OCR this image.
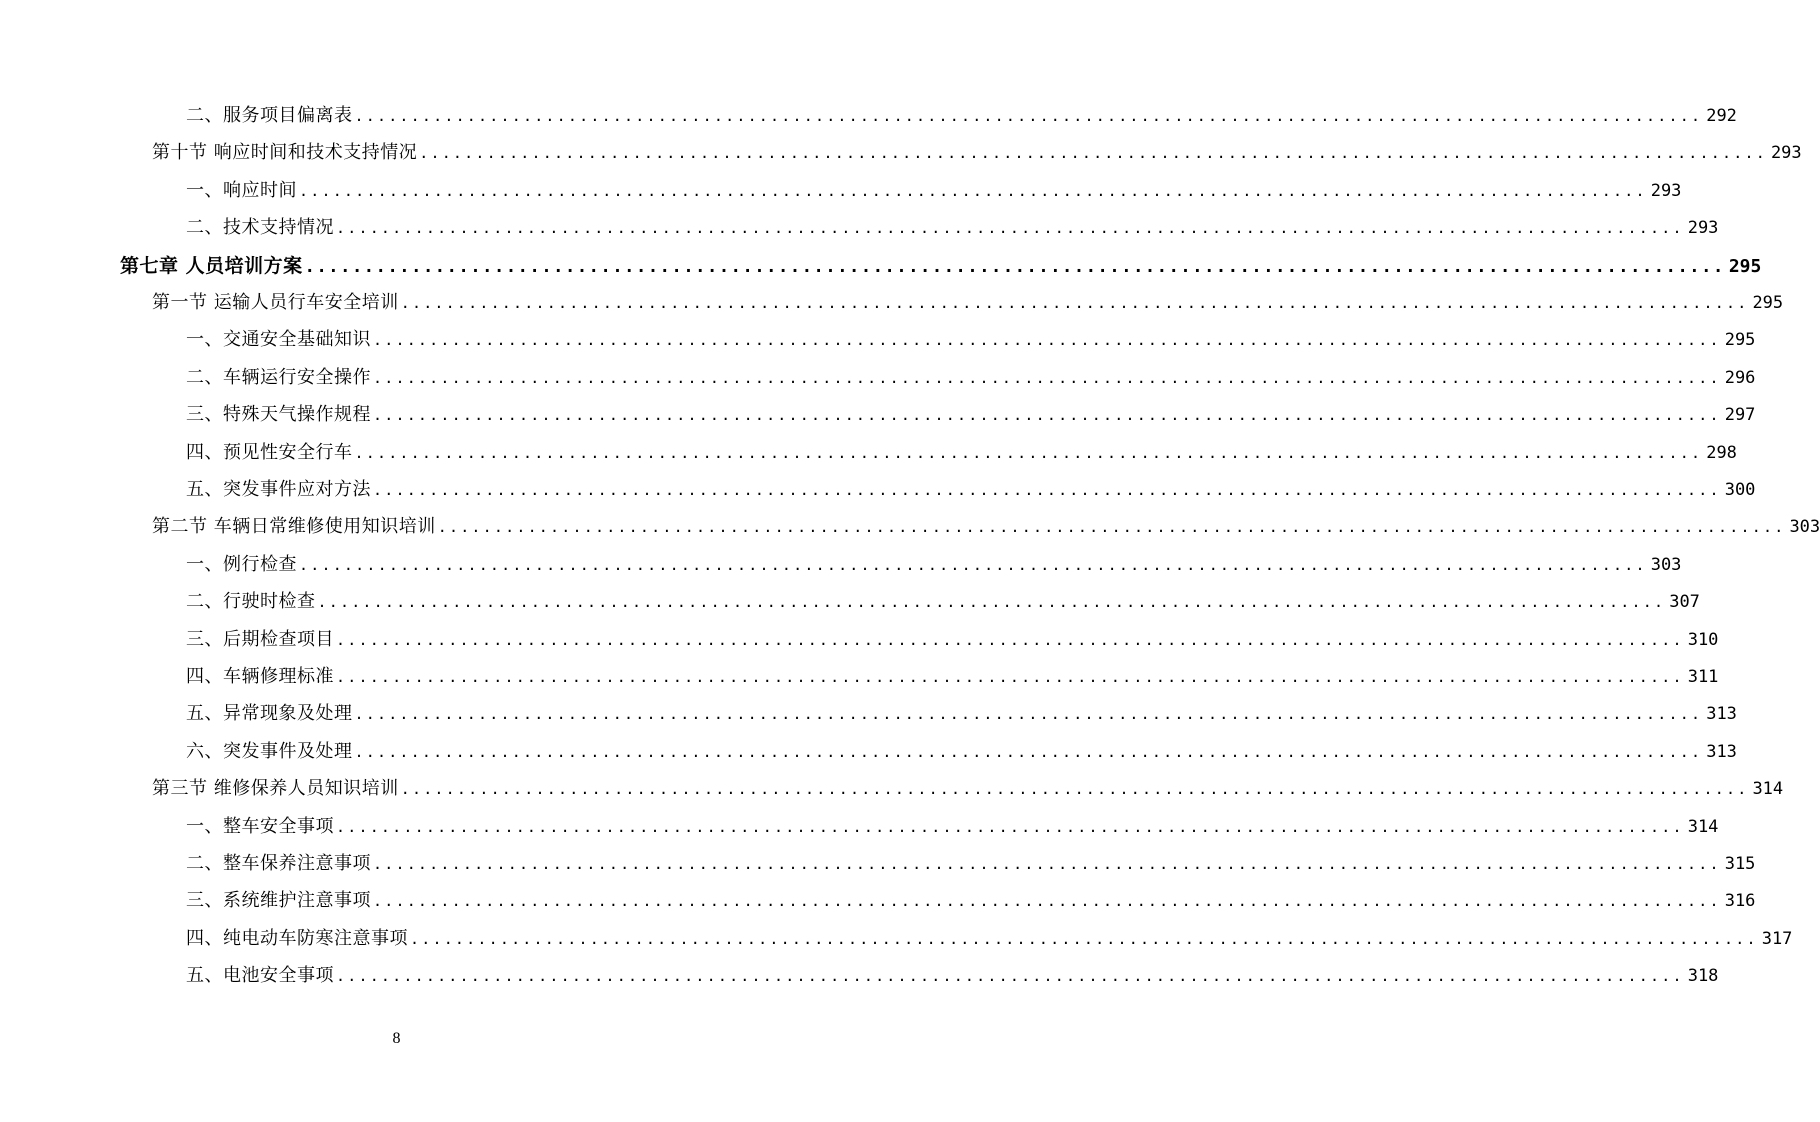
二、服务项目偏离表 ........................................................................................................................ 292
第十节 响应时间和技术支持情况 ........................................................................................................................ 293
一、响应时间 ........................................................................................................................ 293
二、技术支持情况 ........................................................................................................................ 293
第七章 人员培训方案 ........................................................................................................................ 295
第一节 运输人员行车安全培训 ........................................................................................................................ 295
一、交通安全基础知识 ........................................................................................................................ 295
二、车辆运行安全操作 ........................................................................................................................ 296
三、特殊天气操作规程 ........................................................................................................................ 297
四、预见性安全行车 ........................................................................................................................ 298
五、突发事件应对方法 ........................................................................................................................ 300
第二节 车辆日常维修使用知识培训 ........................................................................................................................ 303
一、例行检查 ........................................................................................................................ 303
二、行驶时检查 ........................................................................................................................ 307
三、后期检查项目 ........................................................................................................................ 310
四、车辆修理标准 ........................................................................................................................ 311
五、异常现象及处理 ........................................................................................................................ 313
六、突发事件及处理 ........................................................................................................................ 313
第三节 维修保养人员知识培训 ........................................................................................................................ 314
一、整车安全事项 ........................................................................................................................ 314
二、整车保养注意事项 ........................................................................................................................ 315
三、系统维护注意事项 ........................................................................................................................ 316
四、纯电动车防寒注意事项 ........................................................................................................................ 317
五、电池安全事项 ........................................................................................................................ 318
8
